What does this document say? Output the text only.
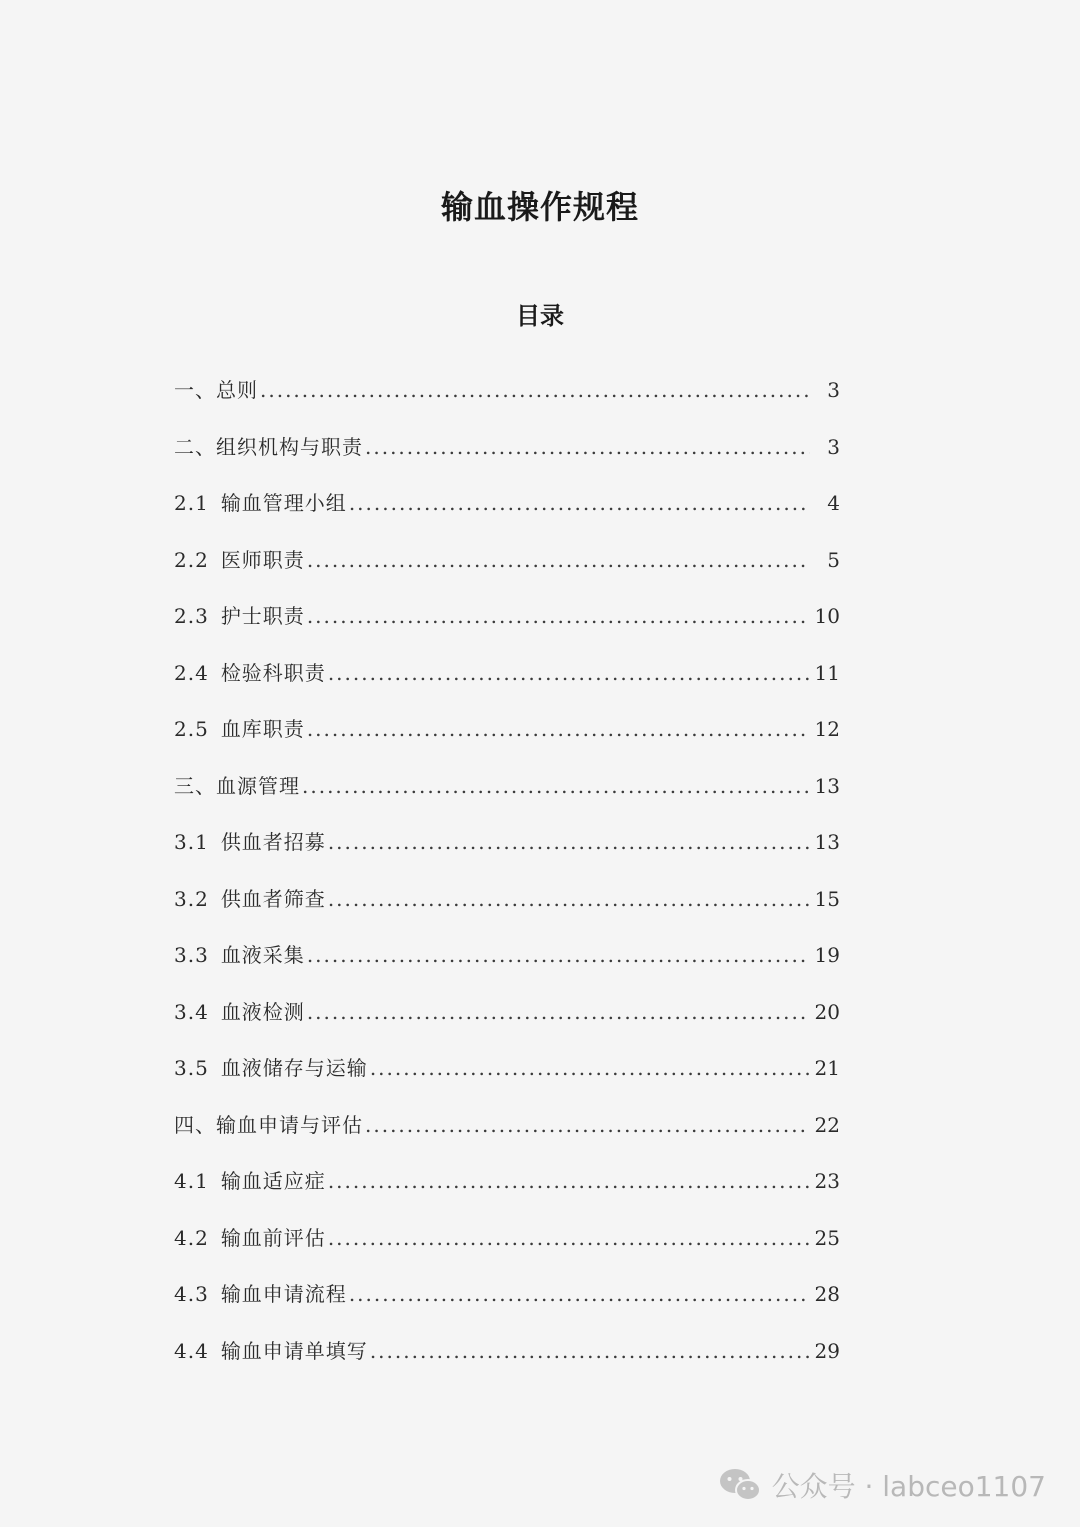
输血操作规程
目录
一、总则 .....	3
二、组织机构与职责 .....	3
2.1 输血管理小组 .....	4
2.2 医师职责 .....	5
2.3 护士职责 .....	10
2.4 检验科职责 .....	11
2.5 血库职责 .....	12
三、血源管理 .....	13
3.1 供血者招募 .....	13
3.2 供血者筛查 .....	15
3.3 血液采集 .....	19
3.4 血液检测 .....	20
3.5 血液储存与运输 .....	21
四、输血申请与评估 .....	22
4.1 输血适应症 .....	23
4.2 输血前评估 .....	25
4.3 输血申请流程 .....	28
4.4 输血申请单填写 .....	29
公众号 · labceo1107
